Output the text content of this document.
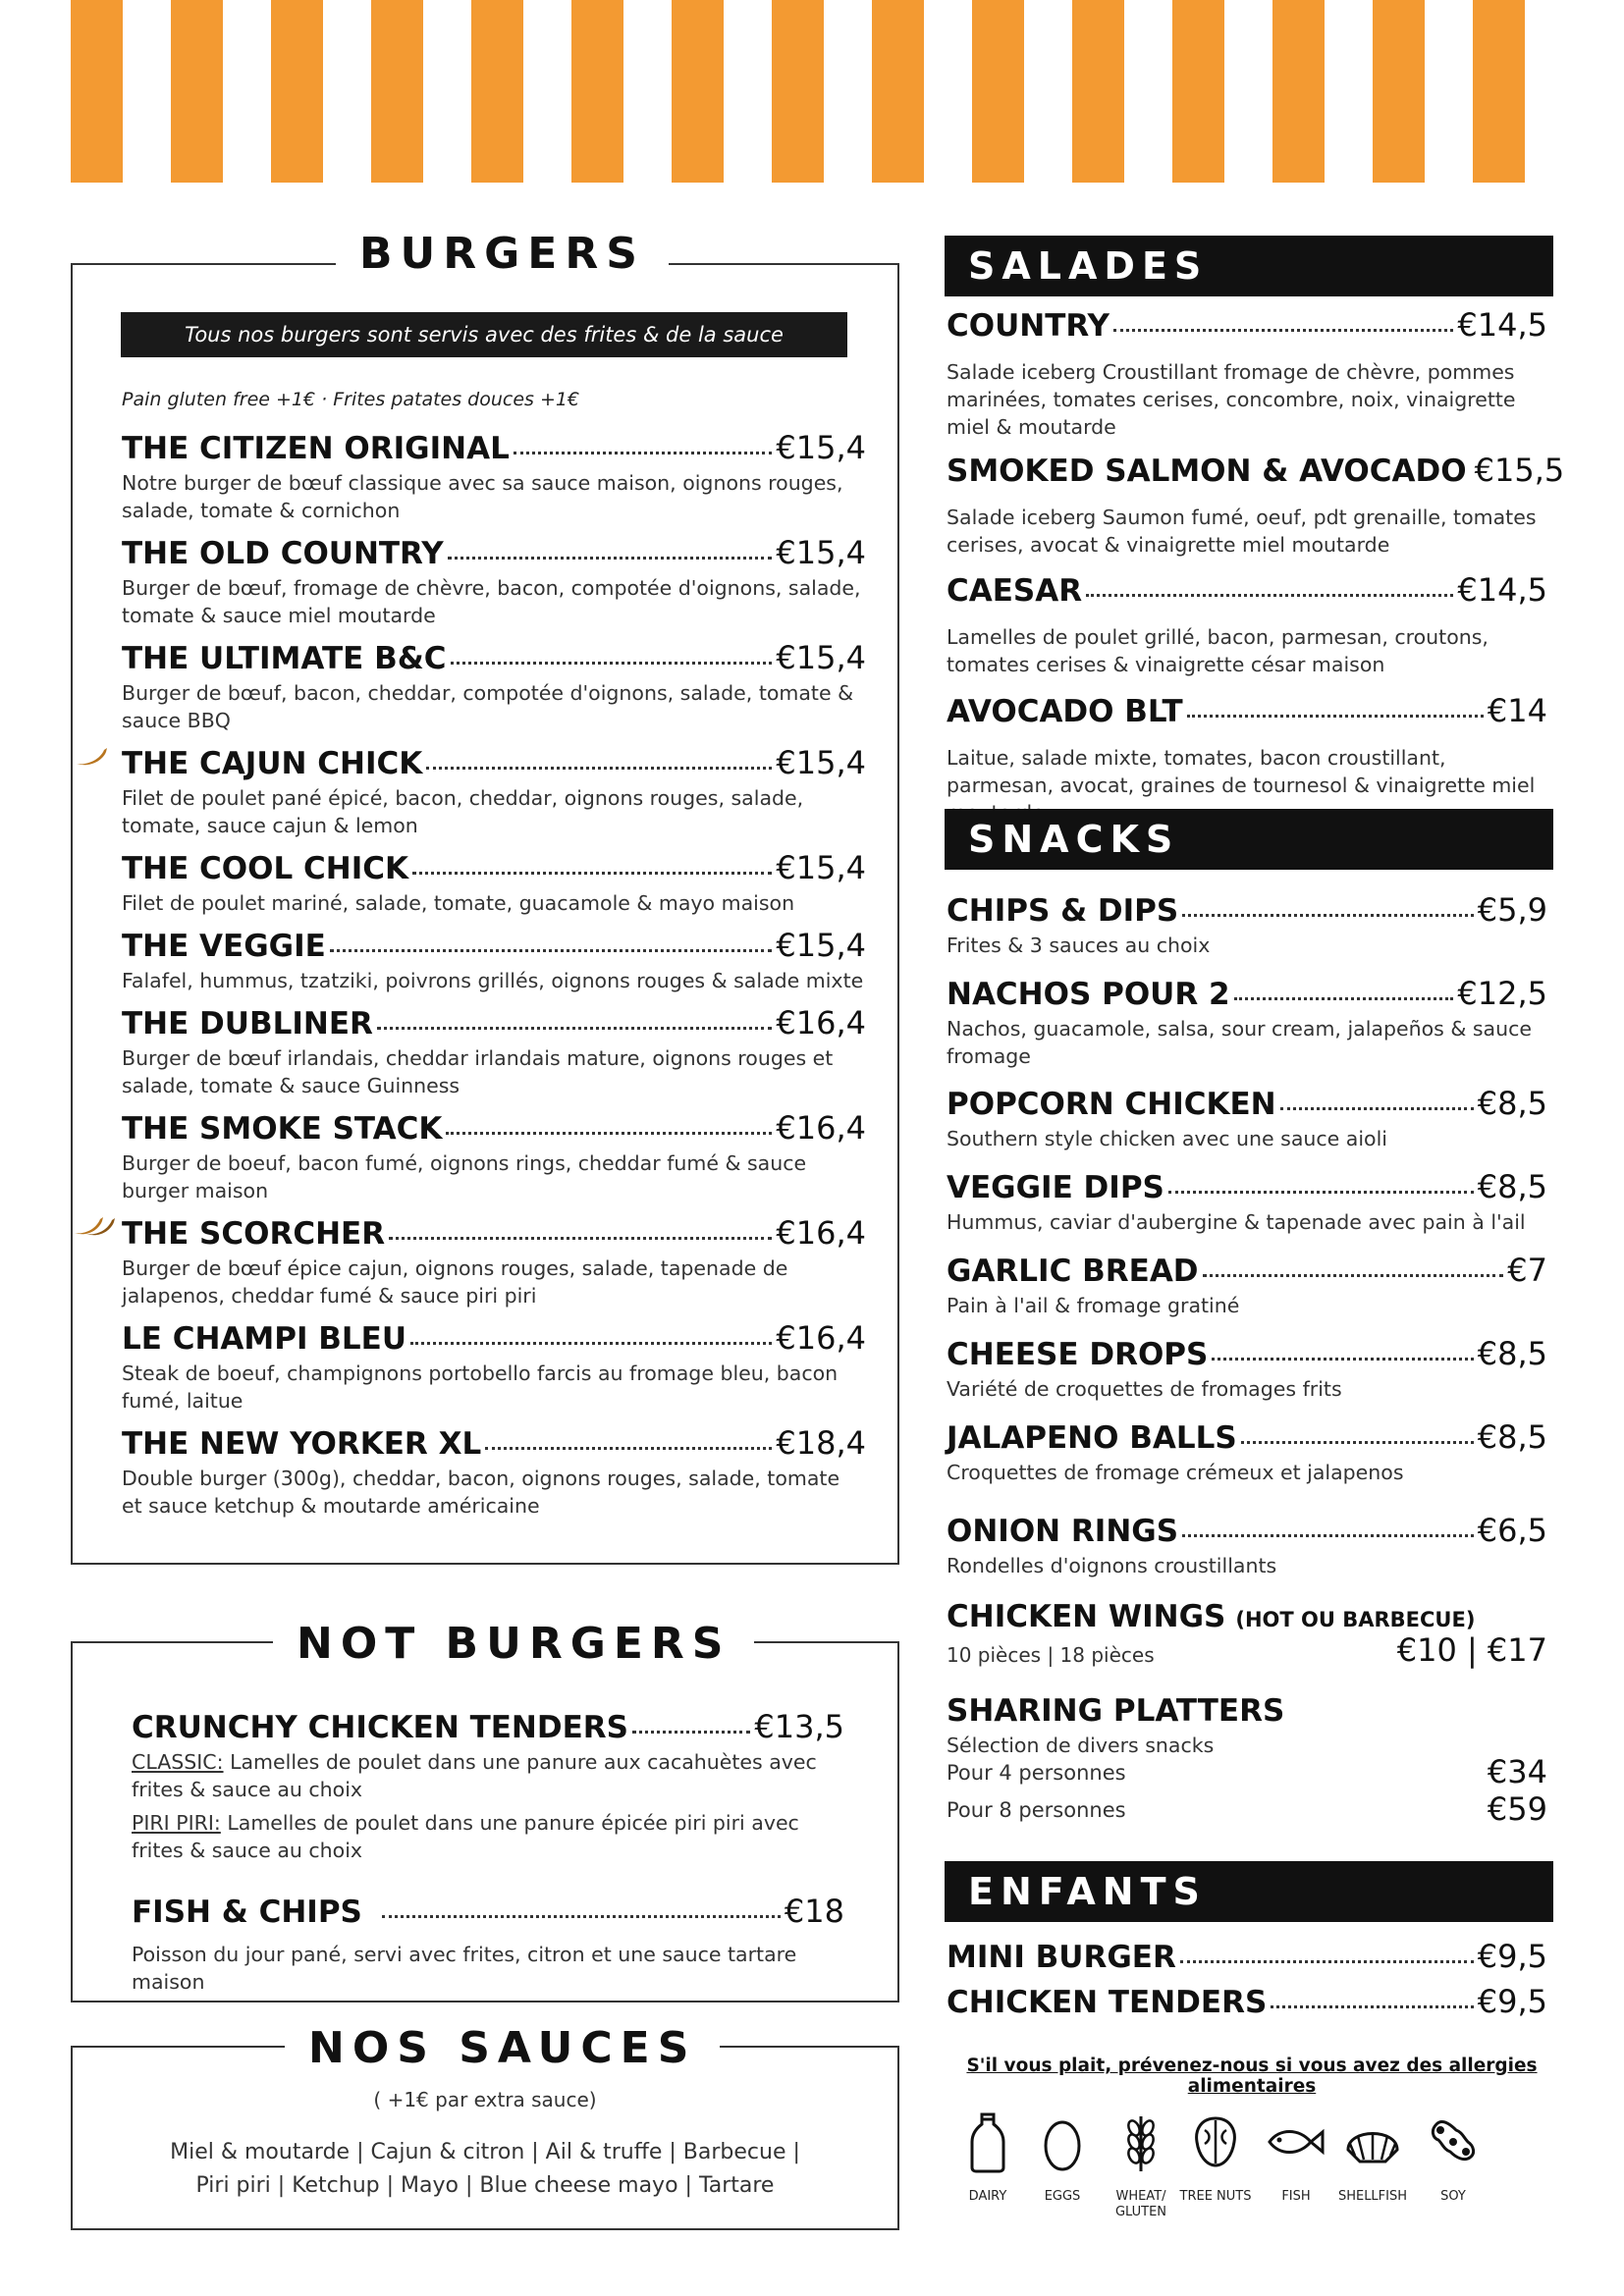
BURGERS
Tous nos burgers sont servis avec des frites & de la sauce
Pain gluten free +1€ · Frites patates douces +1€
THE CITIZEN ORIGINAL	€15,4
Notre burger de bœuf classique avec sa sauce maison, oignons rouges, salade, tomate & cornichon
THE OLD COUNTRY	€15,4
Burger de bœuf, fromage de chèvre, bacon, compotée d'oignons, salade, tomate & sauce miel moutarde
THE ULTIMATE B&C	€15,4
Burger de bœuf, bacon, cheddar, compotée d'oignons, salade, tomate & sauce BBQ
THE CAJUN CHICK	€15,4
Filet de poulet pané épicé, bacon, cheddar, oignons rouges, salade, tomate, sauce cajun & lemon
THE COOL CHICK	€15,4
Filet de poulet mariné, salade, tomate, guacamole & mayo maison
THE VEGGIE	€15,4
Falafel, hummus, tzatziki, poivrons grillés, oignons rouges & salade mixte
THE DUBLINER	€16,4
Burger de bœuf irlandais, cheddar irlandais mature, oignons rouges et salade, tomate & sauce Guinness
THE SMOKE STACK	€16,4
Burger de boeuf, bacon fumé, oignons rings, cheddar fumé & sauce burger maison
THE SCORCHER	€16,4
Burger de bœuf épice cajun, oignons rouges, salade, tapenade de jalapenos, cheddar fumé & sauce piri piri
LE CHAMPI BLEU	€16,4
Steak de boeuf, champignons portobello farcis au fromage bleu, bacon fumé, laitue
THE NEW YORKER XL	€18,4
Double burger (300g), cheddar, bacon, oignons rouges, salade, tomate et sauce ketchup & moutarde américaine
NOT BURGERS
CRUNCHY CHICKEN TENDERS	€13,5
CLASSIC: Lamelles de poulet dans une panure aux cacahuètes avec frites & sauce au choix
PIRI PIRI: Lamelles de poulet dans une panure épicée piri piri avec frites & sauce au choix
FISH & CHIPS	€18
Poisson du jour pané, servi avec frites, citron et une sauce tartare maison
NOS SAUCES
( +1€ par extra sauce)
Miel & moutarde | Cajun & citron | Ail & truffe | Barbecue |
Piri piri | Ketchup | Mayo | Blue cheese mayo | Tartare
SALADES
COUNTRY	€14,5
Salade iceberg Croustillant fromage de chèvre, pommes marinées, tomates cerises, concombre, noix, vinaigrette miel & moutarde
SMOKED SALMON & AVOCADO €15,5
Salade iceberg Saumon fumé, oeuf, pdt grenaille, tomates cerises, avocat & vinaigrette miel moutarde
CAESAR	€14,5
Lamelles de poulet grillé, bacon, parmesan, croutons, tomates cerises & vinaigrette césar maison
AVOCADO BLT	€14
Laitue, salade mixte, tomates, bacon croustillant, parmesan, avocat, graines de tournesol & vinaigrette miel
SNACKS
CHIPS & DIPS	€5,9
Frites & 3 sauces au choix
NACHOS POUR 2	€12,5
Nachos, guacamole, salsa, sour cream, jalapeños & sauce fromage
POPCORN CHICKEN	€8,5
Southern style chicken avec une sauce aioli
VEGGIE DIPS	€8,5
Hummus, caviar d'aubergine & tapenade avec pain à l'ail
GARLIC BREAD	€7
Pain à l'ail & fromage gratiné
CHEESE DROPS	€8,5
Variété de croquettes de fromages frits
JALAPENO BALLS	€8,5
Croquettes de fromage crémeux et jalapenos
ONION RINGS	€6,5
Rondelles d'oignons croustillants
CHICKEN WINGS (HOT OU BARBECUE)
10 pièces | 18 pièces	€10 | €17
SHARING PLATTERS
Sélection de divers snacks
Pour 4 personnes	€34
Pour 8 personnes	€59
ENFANTS
MINI BURGER	€9,5
CHICKEN TENDERS	€9,5
S'il vous plait, prévenez-nous si vous avez des allergies alimentaires
DAIRY	EGGS	WHEAT/ GLUTEN
TREE NUTS	FISH	SHELLFISH	SOY
